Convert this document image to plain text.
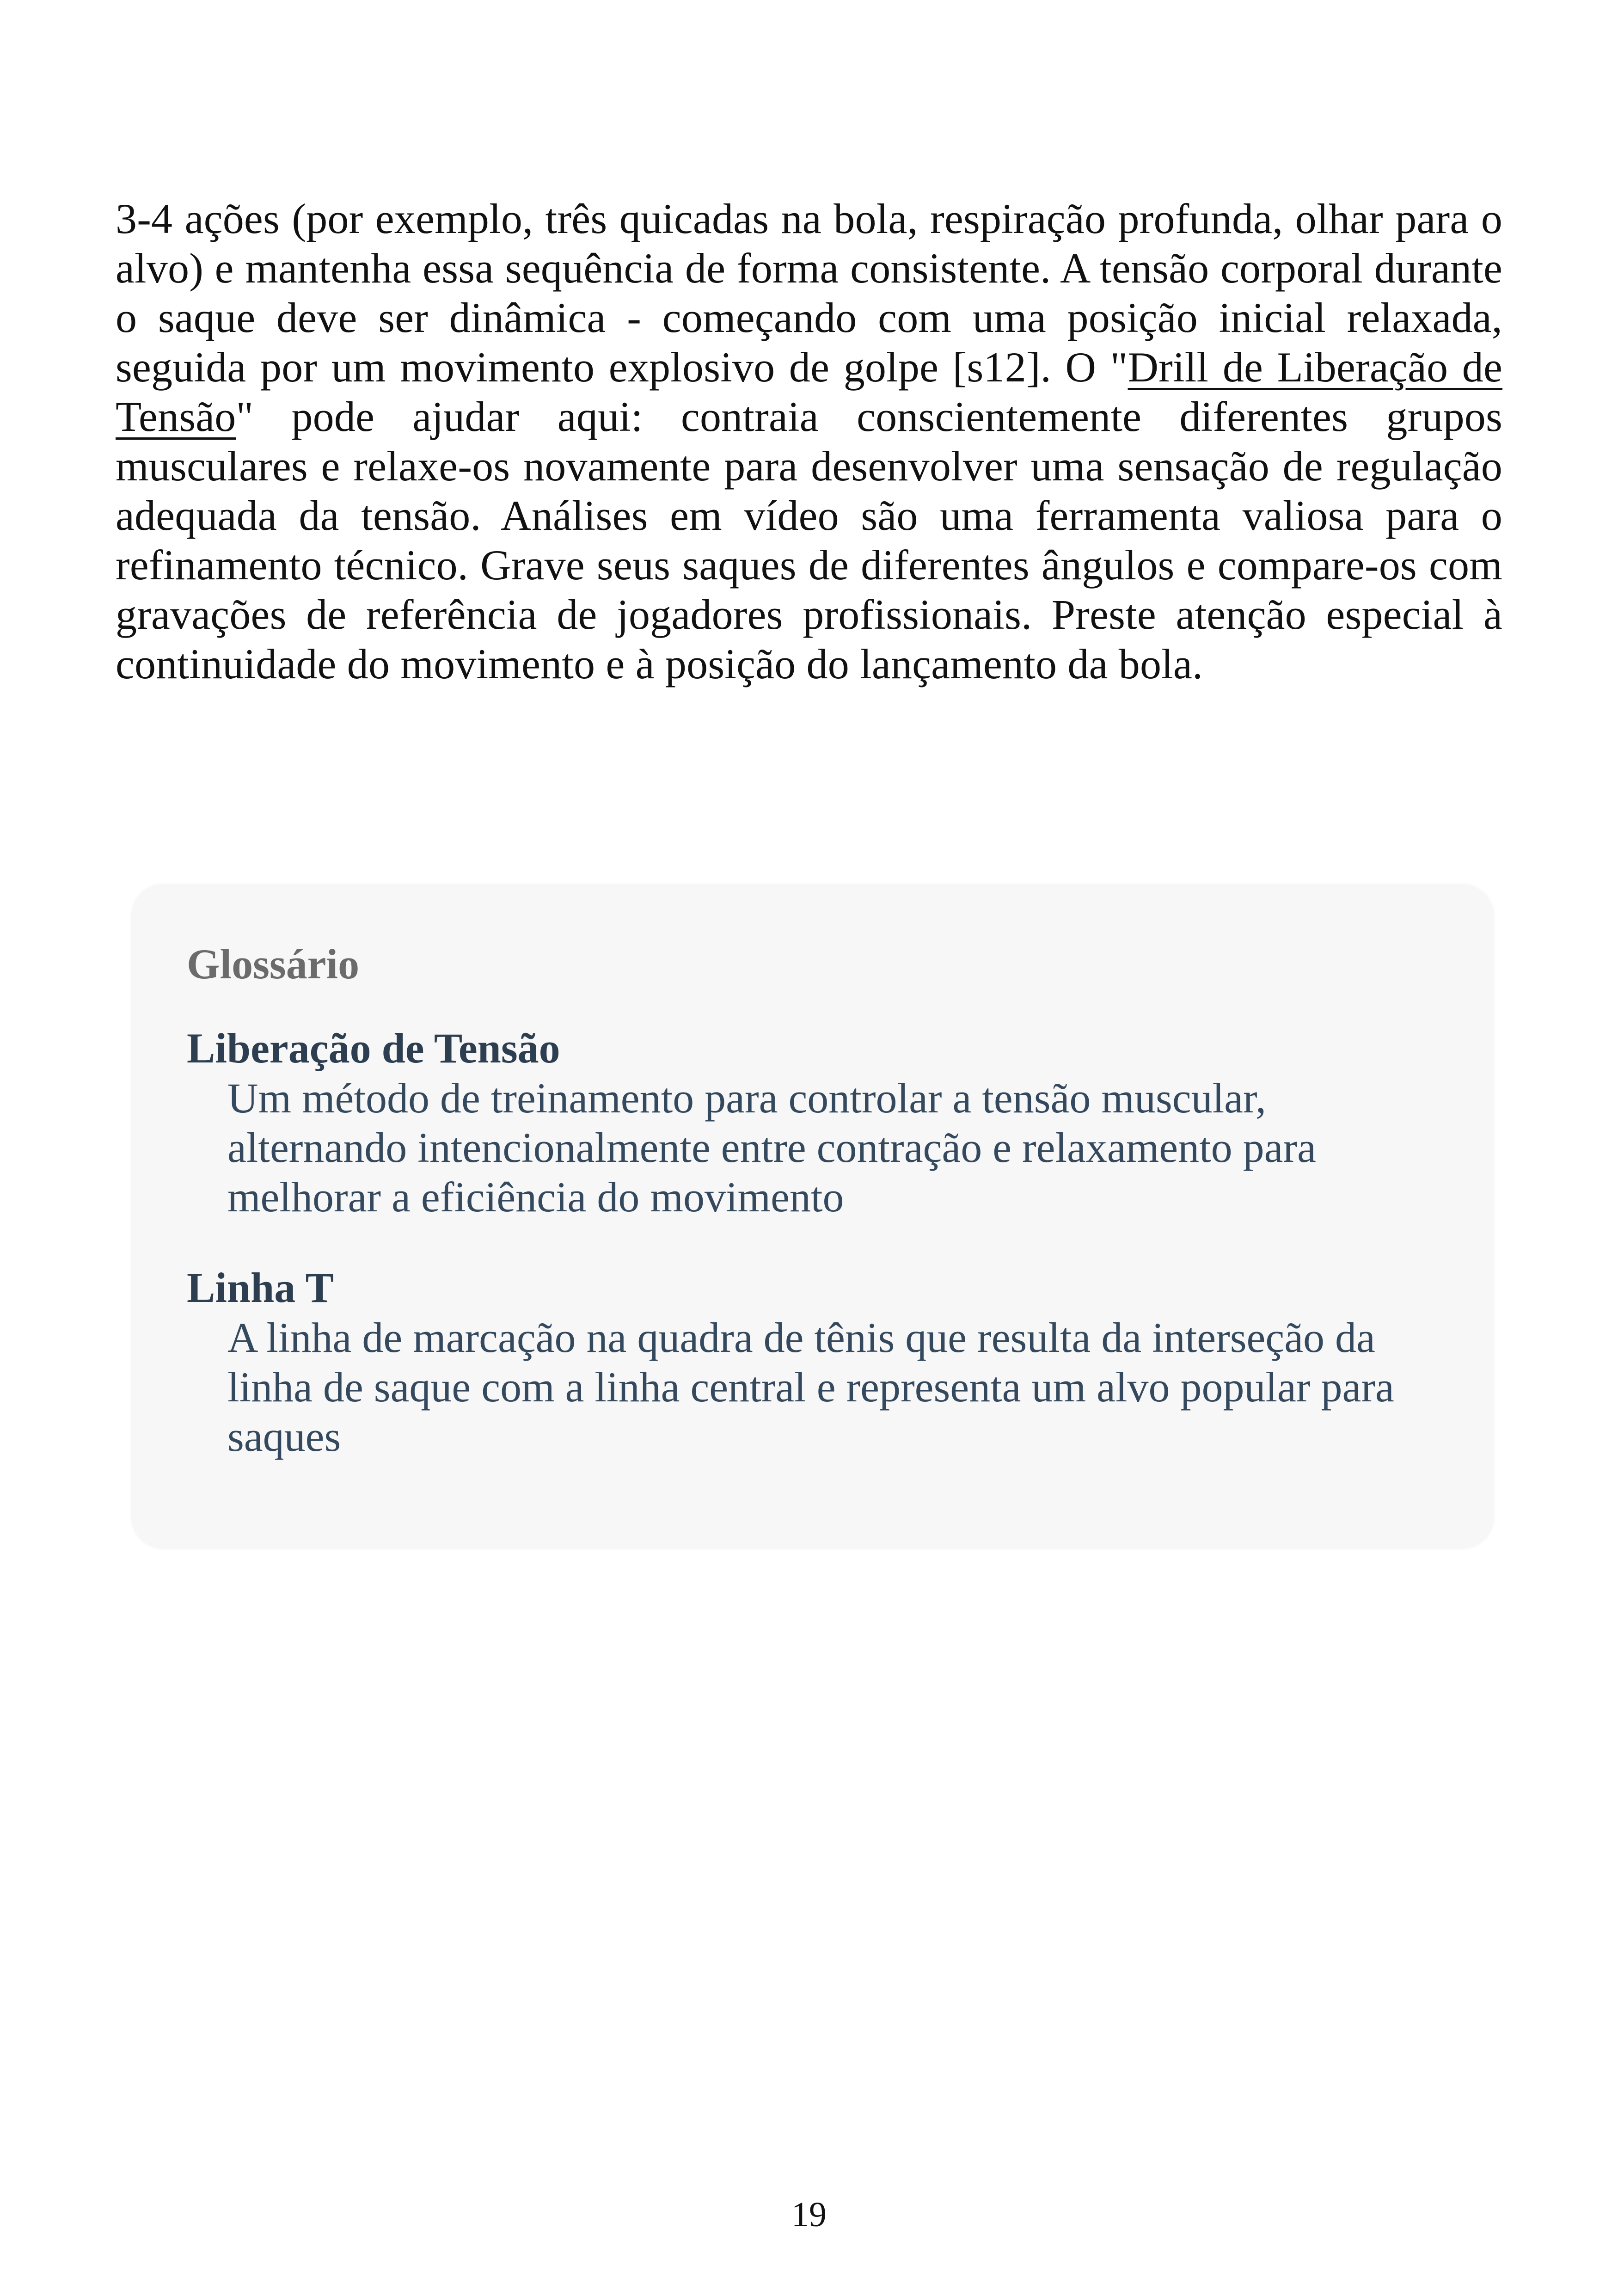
3-4 ações (por exemplo, três quicadas na bola, respiração profunda, olhar para o alvo) e mantenha essa sequência de forma consistente. A tensão corporal durante o saque deve ser dinâmica - começando com uma posição inicial relaxada, seguida por um movimento explosivo de golpe [s12]. O "Drill de Liberação de Tensão" pode ajudar aqui: contraia conscientemente diferentes grupos musculares e relaxe-os novamente para desenvolver uma sensação de regulação adequada da tensão. Análises em vídeo são uma ferramenta valiosa para o refinamento técnico. Grave seus saques de diferentes ângulos e compare-os com gravações de referência de jogadores profissionais. Preste atenção especial à continuidade do movimento e à posição do lançamento da bola.

Glossário

Liberação de Tensão

Um método de treinamento para controlar a tensão muscular, alternando intencionalmente entre contração e relaxamento para melhorar a eficiência do movimento

Linha T

A linha de marcação na quadra de tênis que resulta da interseção da linha de saque com a linha central e representa um alvo popular para saques

19
